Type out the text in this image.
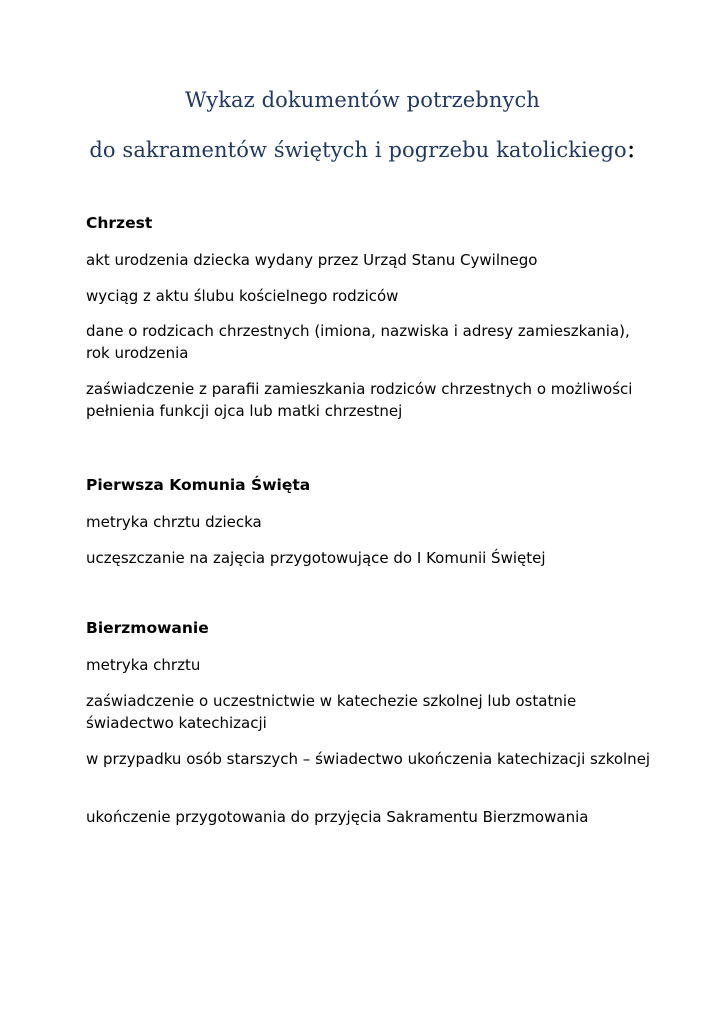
Wykaz dokumentów potrzebnych
do sakramentów świętych i pogrzebu katolickiego:
Chrzest
akt urodzenia dziecka wydany przez Urząd Stanu Cywilnego
wyciąg z aktu ślubu kościelnego rodziców
dane o rodzicach chrzestnych (imiona, nazwiska i adresy zamieszkania), rok urodzenia
zaświadczenie z parafii zamieszkania rodziców chrzestnych o możliwości pełnienia funkcji ojca lub matki chrzestnej
Pierwsza Komunia Święta
metryka chrztu dziecka
uczęszczanie na zajęcia przygotowujące do I Komunii Świętej
Bierzmowanie
metryka chrztu
zaświadczenie o uczestnictwie w katechezie szkolnej lub ostatnie świadectwo katechizacji
w przypadku osób starszych – świadectwo ukończenia katechizacji szkolnej
ukończenie przygotowania do przyjęcia Sakramentu Bierzmowania
